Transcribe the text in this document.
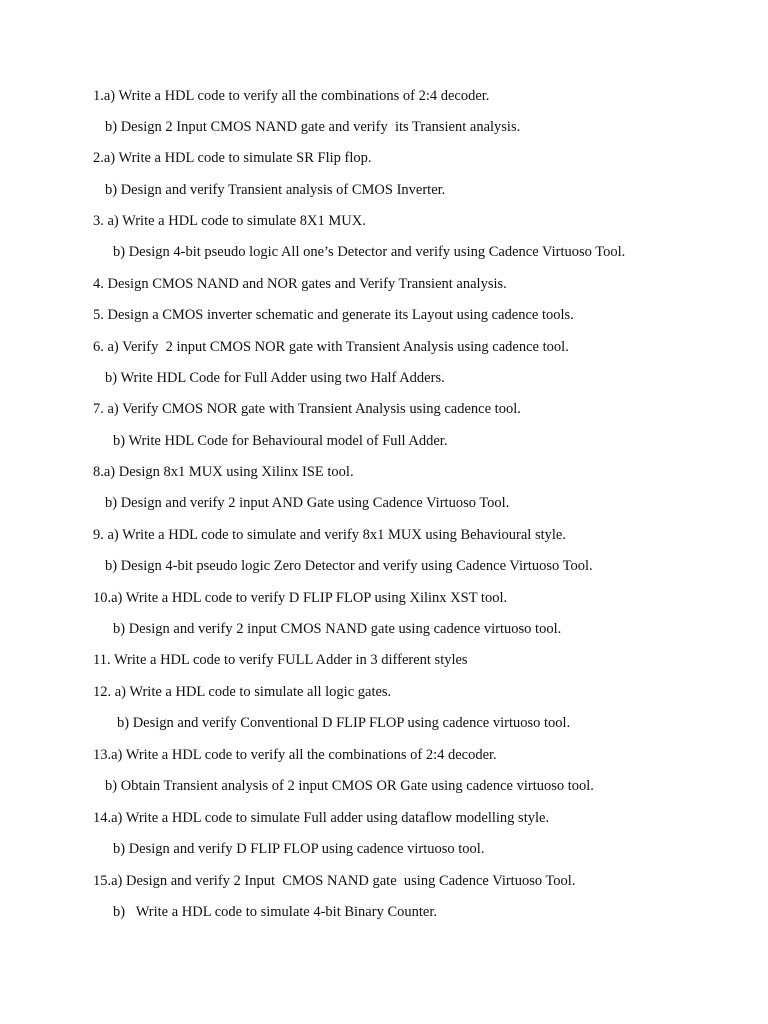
1.a) Write a HDL code to verify all the combinations of 2:4 decoder.
b) Design 2 Input CMOS NAND gate and verify  its Transient analysis.
2.a) Write a HDL code to simulate SR Flip flop.
b) Design and verify Transient analysis of CMOS Inverter.
3. a) Write a HDL code to simulate 8X1 MUX.
b) Design 4-bit pseudo logic All one’s Detector and verify using Cadence Virtuoso Tool.
4. Design CMOS NAND and NOR gates and Verify Transient analysis.
5. Design a CMOS inverter schematic and generate its Layout using cadence tools.
6. a) Verify  2 input CMOS NOR gate with Transient Analysis using cadence tool.
b) Write HDL Code for Full Adder using two Half Adders.
7. a) Verify CMOS NOR gate with Transient Analysis using cadence tool.
b) Write HDL Code for Behavioural model of Full Adder.
8.a) Design 8x1 MUX using Xilinx ISE tool.
b) Design and verify 2 input AND Gate using Cadence Virtuoso Tool.
9. a) Write a HDL code to simulate and verify 8x1 MUX using Behavioural style.
b) Design 4-bit pseudo logic Zero Detector and verify using Cadence Virtuoso Tool.
10.a) Write a HDL code to verify D FLIP FLOP using Xilinx XST tool.
b) Design and verify 2 input CMOS NAND gate using cadence virtuoso tool.
11. Write a HDL code to verify FULL Adder in 3 different styles
12. a) Write a HDL code to simulate all logic gates.
b) Design and verify Conventional D FLIP FLOP using cadence virtuoso tool.
13.a) Write a HDL code to verify all the combinations of 2:4 decoder.
b) Obtain Transient analysis of 2 input CMOS OR Gate using cadence virtuoso tool.
14.a) Write a HDL code to simulate Full adder using dataflow modelling style.
b) Design and verify D FLIP FLOP using cadence virtuoso tool.
15.a) Design and verify 2 Input  CMOS NAND gate  using Cadence Virtuoso Tool.
b)   Write a HDL code to simulate 4-bit Binary Counter.
